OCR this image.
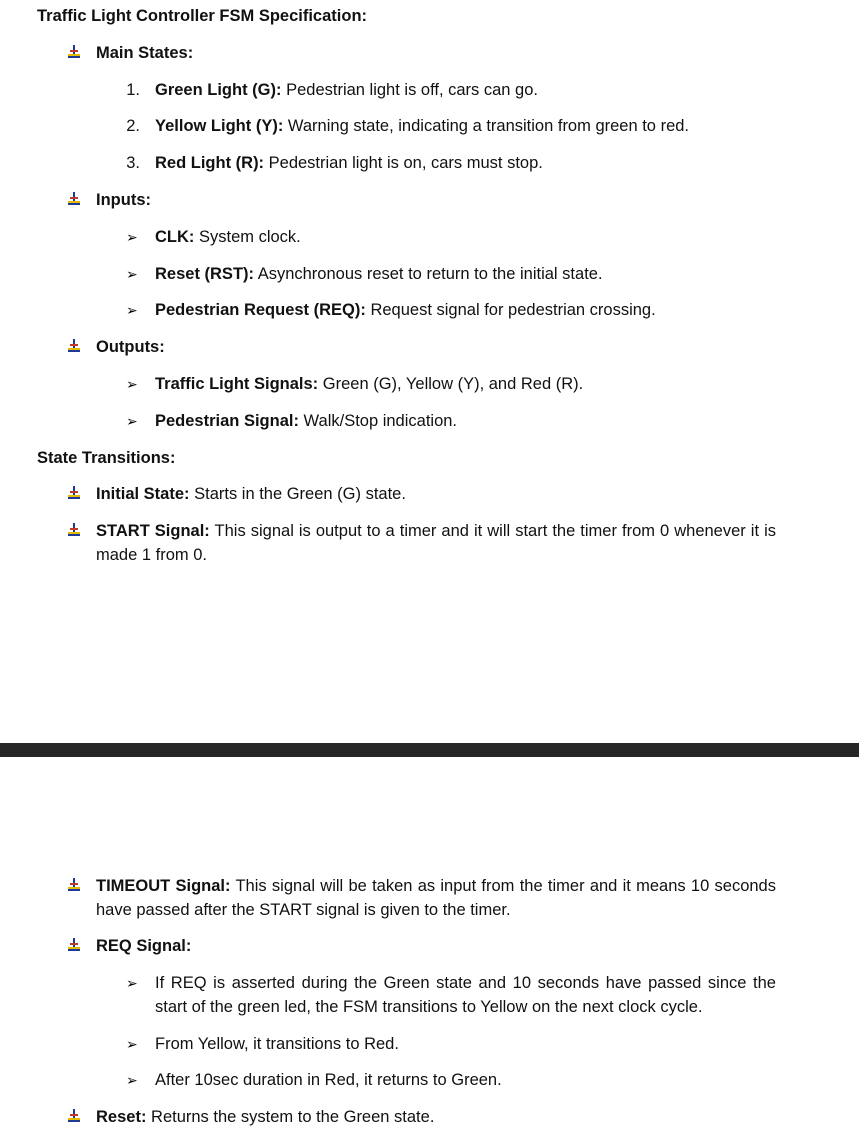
Traffic Light Controller FSM Specification:
Main States:
1. Green Light (G): Pedestrian light is off, cars can go.
2. Yellow Light (Y): Warning state, indicating a transition from green to red.
3. Red Light (R): Pedestrian light is on, cars must stop.
Inputs:
➢ CLK: System clock.
➢ Reset (RST): Asynchronous reset to return to the initial state.
➢ Pedestrian Request (REQ): Request signal for pedestrian crossing.
Outputs:
➢ Traffic Light Signals: Green (G), Yellow (Y), and Red (R).
➢ Pedestrian Signal: Walk/Stop indication.
State Transitions:
Initial State: Starts in the Green (G) state.
START Signal: This signal is output to a timer and it will start the timer from 0 whenever it is made 1 from 0.
TIMEOUT Signal: This signal will be taken as input from the timer and it means 10 seconds have passed after the START signal is given to the timer.
REQ Signal:
➢ If REQ is asserted during the Green state and 10 seconds have passed since the start of the green led, the FSM transitions to Yellow on the next clock cycle.
➢ From Yellow, it transitions to Red.
➢ After 10sec duration in Red, it returns to Green.
Reset: Returns the system to the Green state.
